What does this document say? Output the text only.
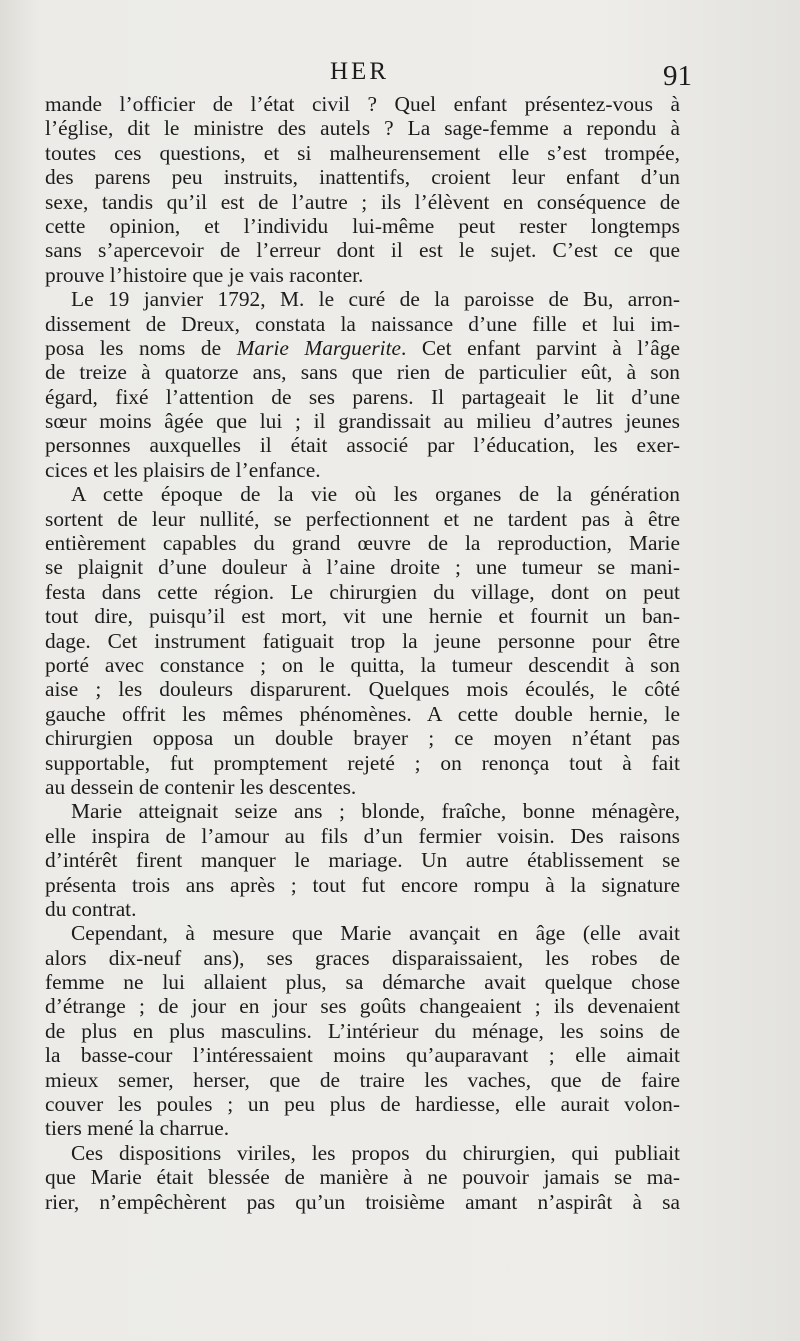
HER	91
mande l’officier de l’état civil ? Quel enfant présentez-vous à
l’église, dit le ministre des autels ? La sage-femme a repondu à
toutes ces questions, et si malheurensement elle s’est trompée,
des parens peu instruits, inattentifs, croient leur enfant d’un
sexe, tandis qu’il est de l’autre ; ils l’élèvent en conséquence de
cette opinion, et l’individu lui-même peut rester longtemps
sans s’apercevoir de l’erreur dont il est le sujet. C’est ce que
prouve l’histoire que je vais raconter.
Le 19 janvier 1792, M. le curé de la paroisse de Bu, arron-
dissement de Dreux, constata la naissance d’une fille et lui im-
posa les noms de Marie Marguerite. Cet enfant parvint à l’âge
de treize à quatorze ans, sans que rien de particulier eût, à son
égard, fixé l’attention de ses parens. Il partageait le lit d’une
sœur moins âgée que lui ; il grandissait au milieu d’autres jeunes
personnes auxquelles il était associé par l’éducation, les exer-
cices et les plaisirs de l’enfance.
A cette époque de la vie où les organes de la génération
sortent de leur nullité, se perfectionnent et ne tardent pas à être
entièrement capables du grand œuvre de la reproduction, Marie
se plaignit d’une douleur à l’aine droite ; une tumeur se mani-
festa dans cette région. Le chirurgien du village, dont on peut
tout dire, puisqu’il est mort, vit une hernie et fournit un ban-
dage. Cet instrument fatiguait trop la jeune personne pour être
porté avec constance ; on le quitta, la tumeur descendit à son
aise ; les douleurs disparurent. Quelques mois écoulés, le côté
gauche offrit les mêmes phénomènes. A cette double hernie, le
chirurgien opposa un double brayer ; ce moyen n’étant pas
supportable, fut promptement rejeté ; on renonça tout à fait
au dessein de contenir les descentes.
Marie atteignait seize ans ; blonde, fraîche, bonne ménagère,
elle inspira de l’amour au fils d’un fermier voisin. Des raisons
d’intérêt firent manquer le mariage. Un autre établissement se
présenta trois ans après ; tout fut encore rompu à la signature
du contrat.
Cependant, à mesure que Marie avançait en âge (elle avait
alors dix-neuf ans), ses graces disparaissaient, les robes de
femme ne lui allaient plus, sa démarche avait quelque chose
d’étrange ; de jour en jour ses goûts changeaient ; ils devenaient
de plus en plus masculins. L’intérieur du ménage, les soins de
la basse-cour l’intéressaient moins qu’auparavant ; elle aimait
mieux semer, herser, que de traire les vaches, que de faire
couver les poules ; un peu plus de hardiesse, elle aurait volon-
tiers mené la charrue.
Ces dispositions viriles, les propos du chirurgien, qui publiait
que Marie était blessée de manière à ne pouvoir jamais se ma-
rier, n’empêchèrent pas qu’un troisième amant n’aspirât à sa
